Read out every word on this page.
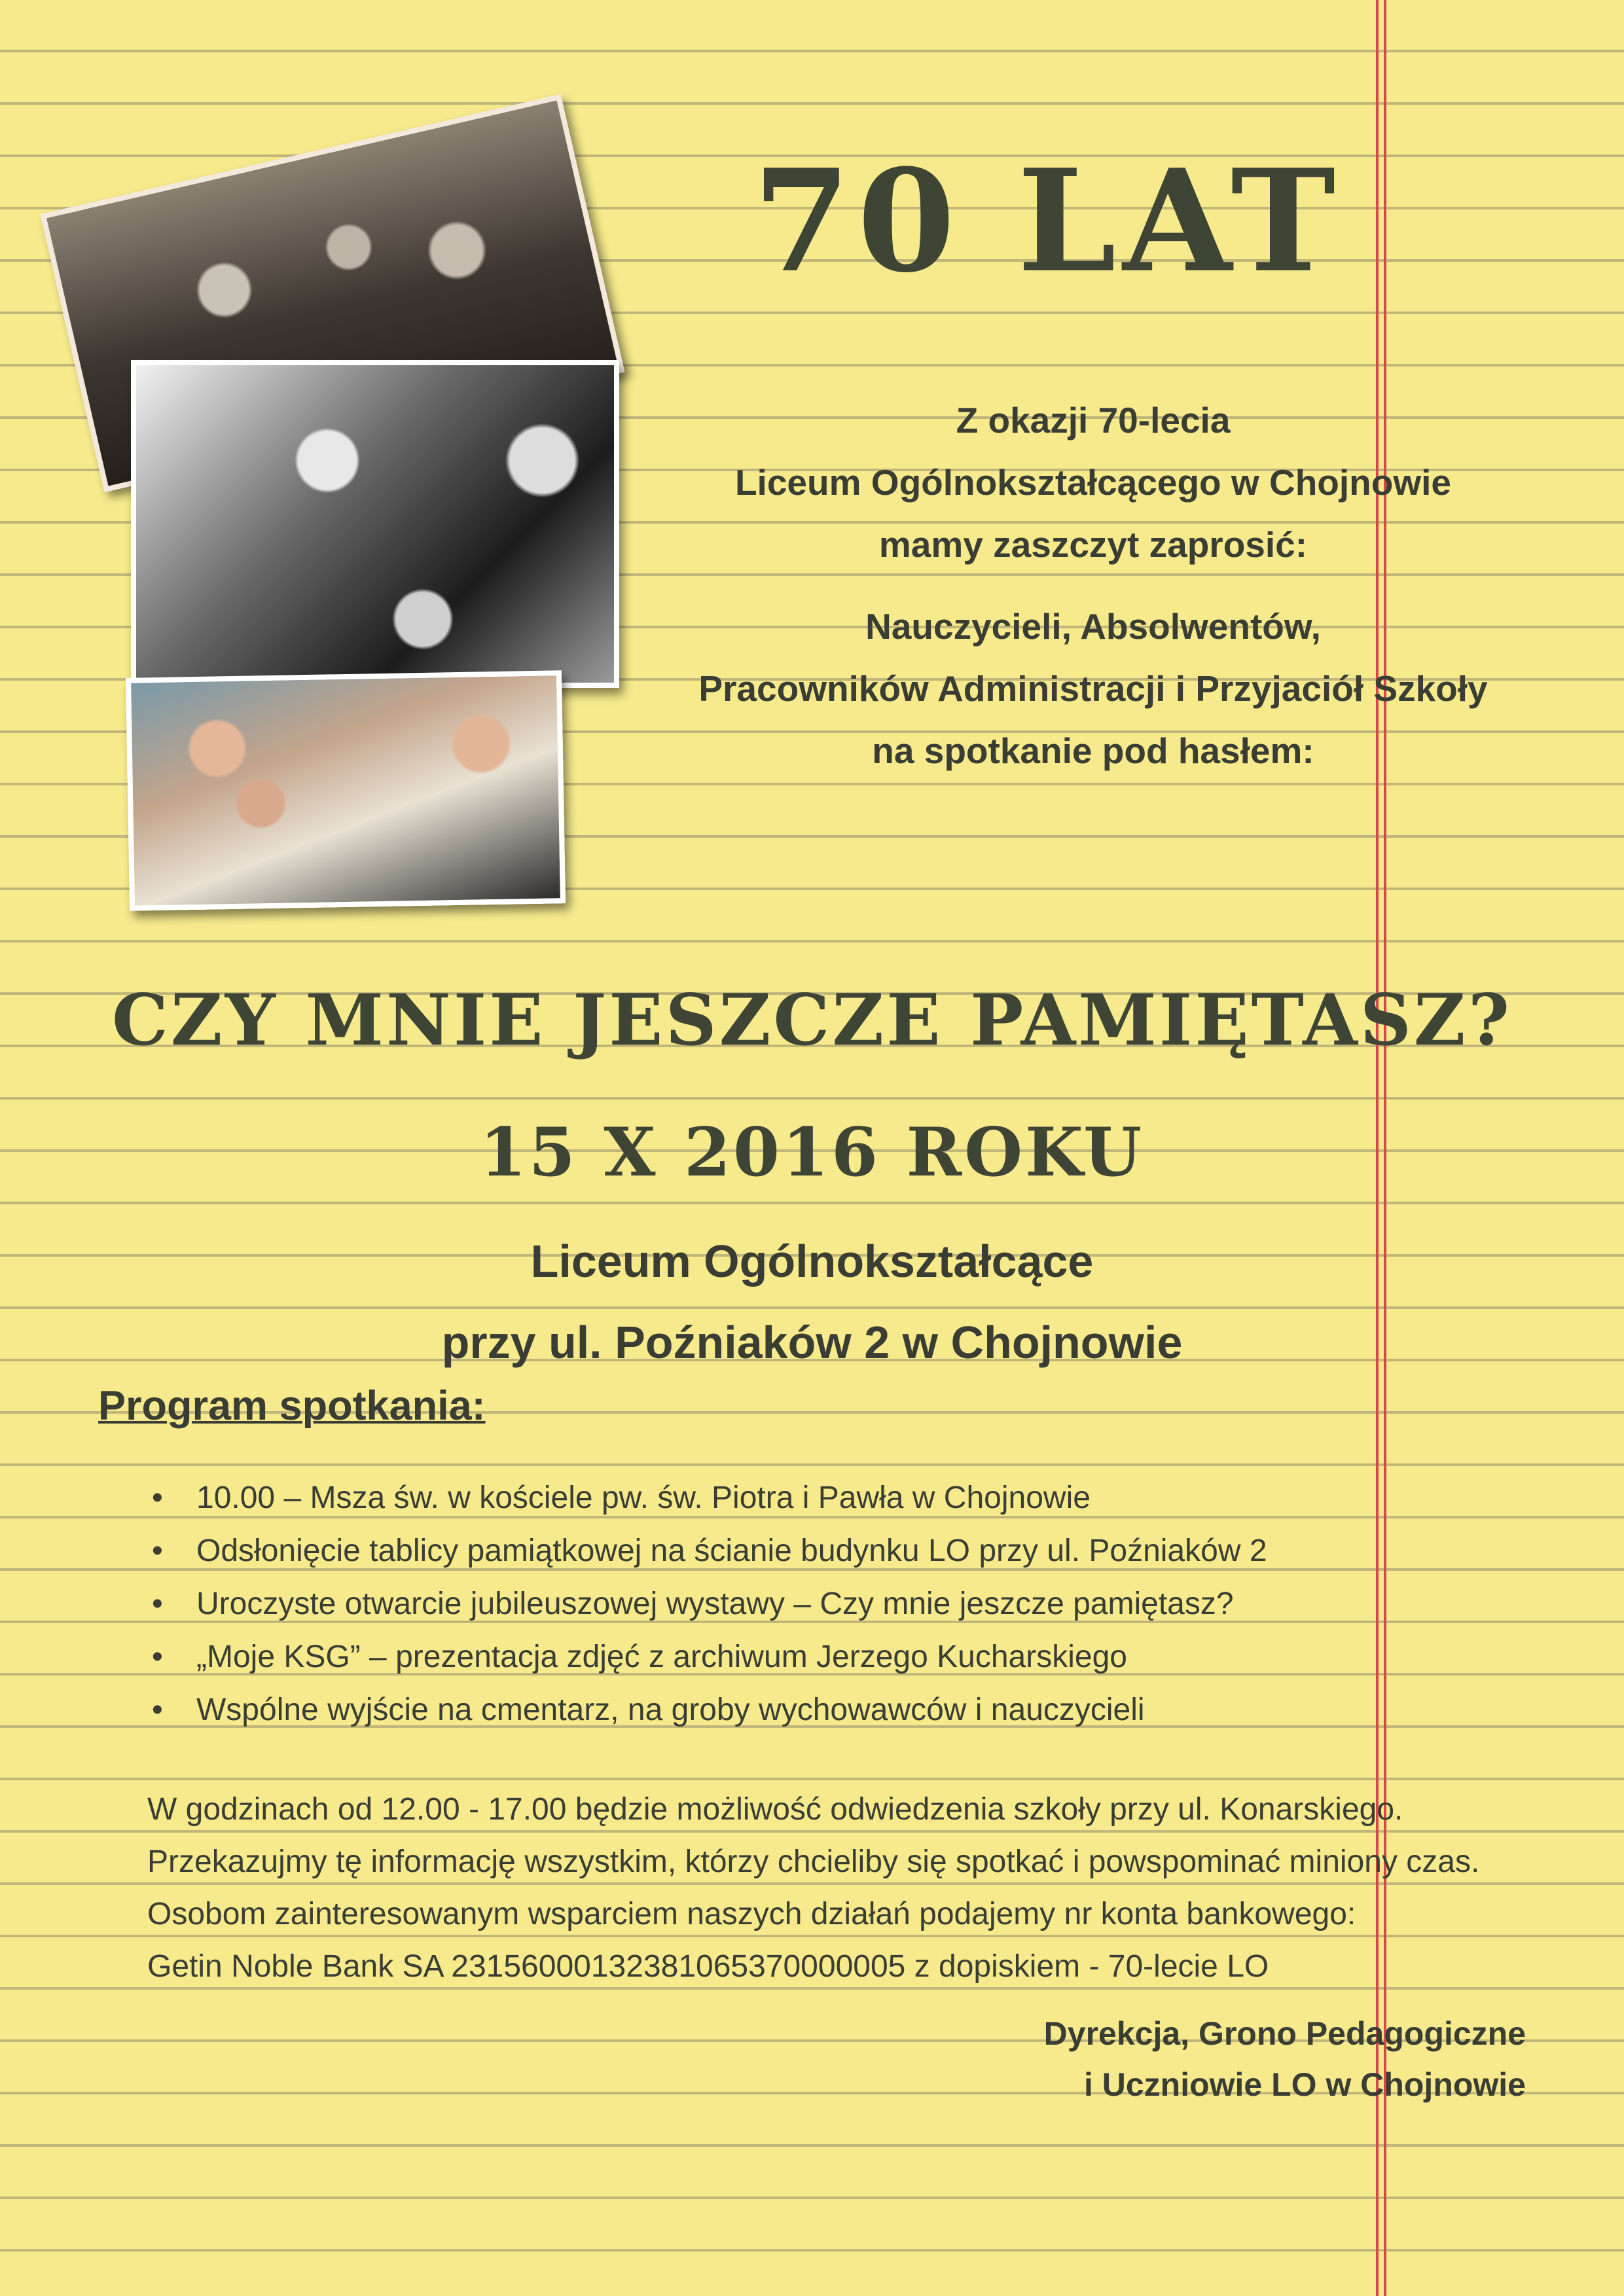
70 LAT

Z okazji 70-lecia

Liceum Ogólnokształcącego w Chojnowie

mamy zaszczyt zaprosić:

Nauczycieli, Absolwentów,

Pracowników Administracji i Przyjaciół Szkoły

na spotkanie pod hasłem:

CZY MNIE JESZCZE PAMIĘTASZ?
15 X 2016 ROKU

Liceum Ogólnokształcące

przy ul. Poźniaków 2 w Chojnowie

Program spotkania:
• 10.00 – Msza św. w kościele pw. św. Piotra i Pawła w Chojnowie
• Odsłonięcie tablicy pamiątkowej na ścianie budynku LO przy ul. Poźniaków 2
• Uroczyste otwarcie jubileuszowej wystawy – Czy mnie jeszcze pamiętasz?
• „Moje KSG” – prezentacja zdjęć z archiwum Jerzego Kucharskiego
• Wspólne wyjście na cmentarz, na groby wychowawców i nauczycieli

W godzinach od 12.00 - 17.00 będzie możliwość odwiedzenia szkoły przy ul. Konarskiego.

Przekazujmy tę informację wszystkim, którzy chcieliby się spotkać i powspominać miniony czas.

Osobom zainteresowanym wsparciem naszych działań podajemy nr konta bankowego:

Getin Noble Bank SA 23156000132381065370000005 z dopiskiem - 70-lecie LO

Dyrekcja, Grono Pedagogiczne

i Uczniowie LO w Chojnowie
